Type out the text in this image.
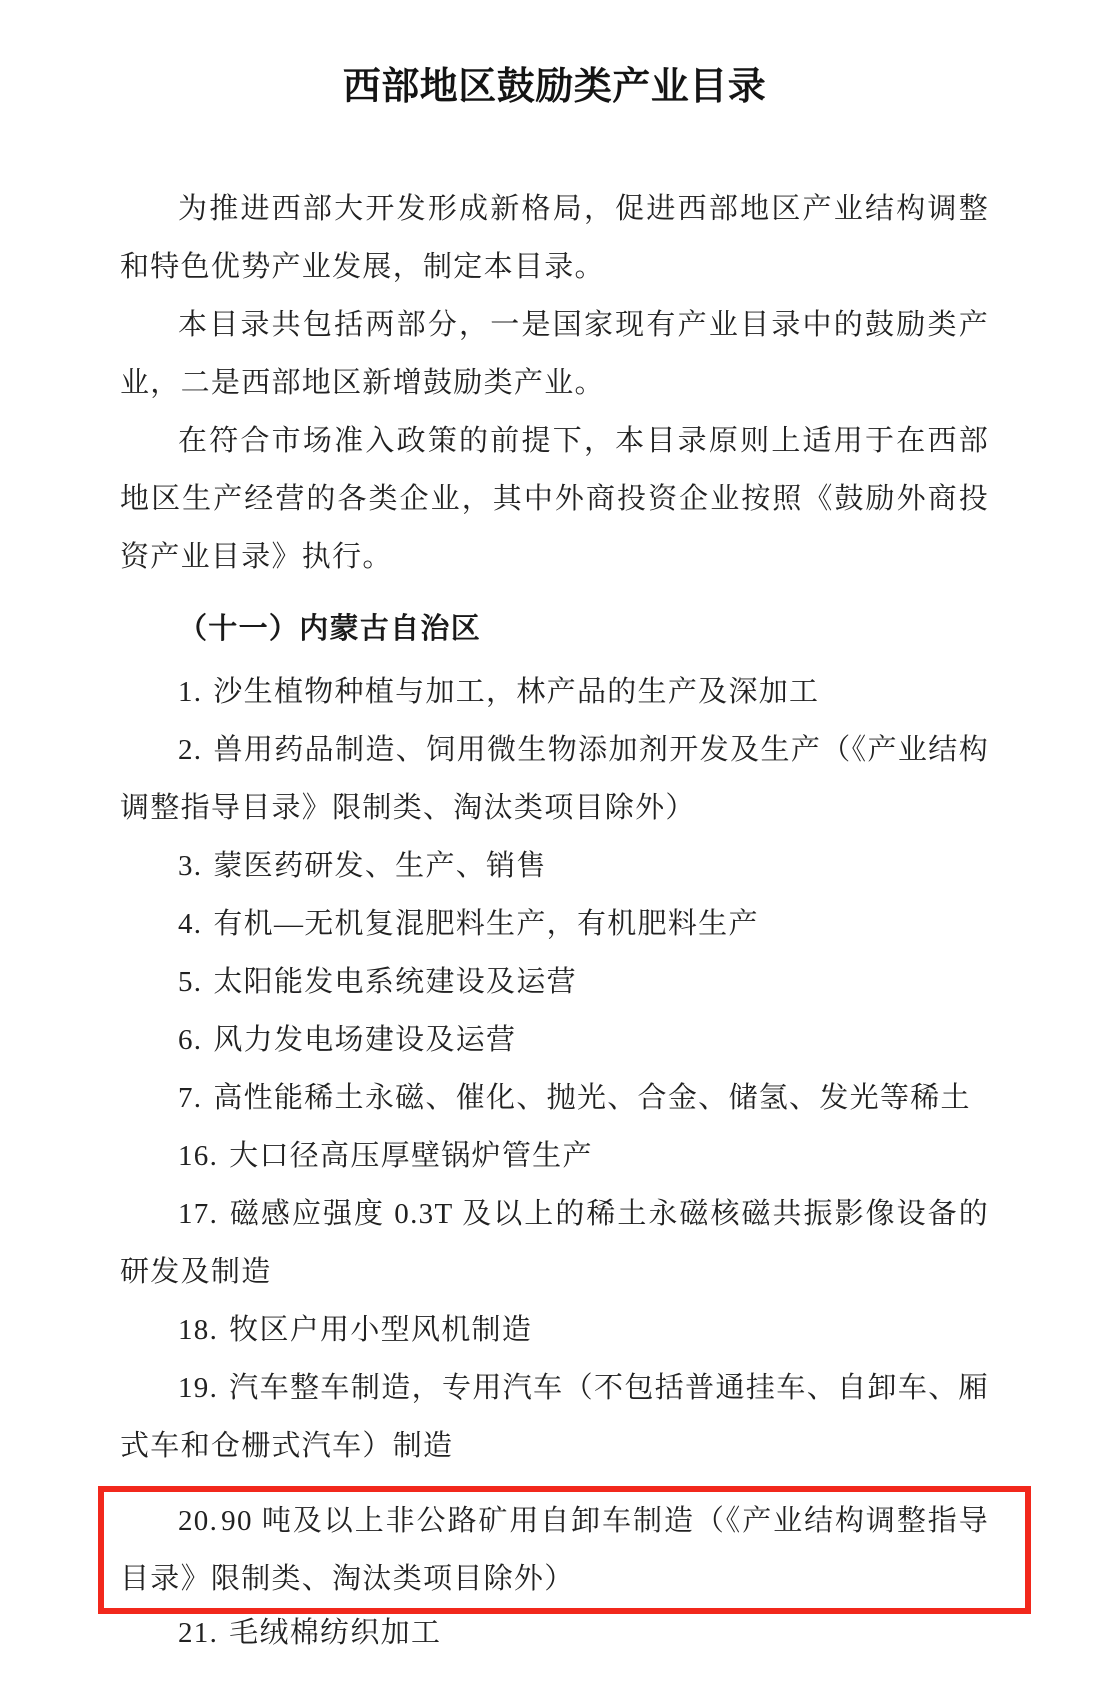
西部地区鼓励类产业目录

为推进西部大开发形成新格局，促进西部地区产业结构调整和特色优势产业发展，制定本目录。

本目录共包括两部分，一是国家现有产业目录中的鼓励类产业，二是西部地区新增鼓励类产业。

在符合市场准入政策的前提下，本目录原则上适用于在西部地区生产经营的各类企业，其中外商投资企业按照《鼓励外商投资产业目录》执行。

（十一）内蒙古自治区

1. 沙生植物种植与加工，林产品的生产及深加工

2. 兽用药品制造、饲用微生物添加剂开发及生产（《产业结构调整指导目录》限制类、淘汰类项目除外）

3. 蒙医药研发、生产、销售

4. 有机—无机复混肥料生产，有机肥料生产

5. 太阳能发电系统建设及运营

6. 风力发电场建设及运营

7. 高性能稀土永磁、催化、抛光、合金、储氢、发光等稀土

16. 大口径高压厚壁锅炉管生产

17. 磁感应强度 0.3T 及以上的稀土永磁核磁共振影像设备的研发及制造

18. 牧区户用小型风机制造

19. 汽车整车制造，专用汽车（不包括普通挂车、自卸车、厢式车和仓栅式汽车）制造

20. 90 吨及以上非公路矿用自卸车制造（《产业结构调整指导目录》限制类、淘汰类项目除外）

21. 毛绒棉纺织加工
